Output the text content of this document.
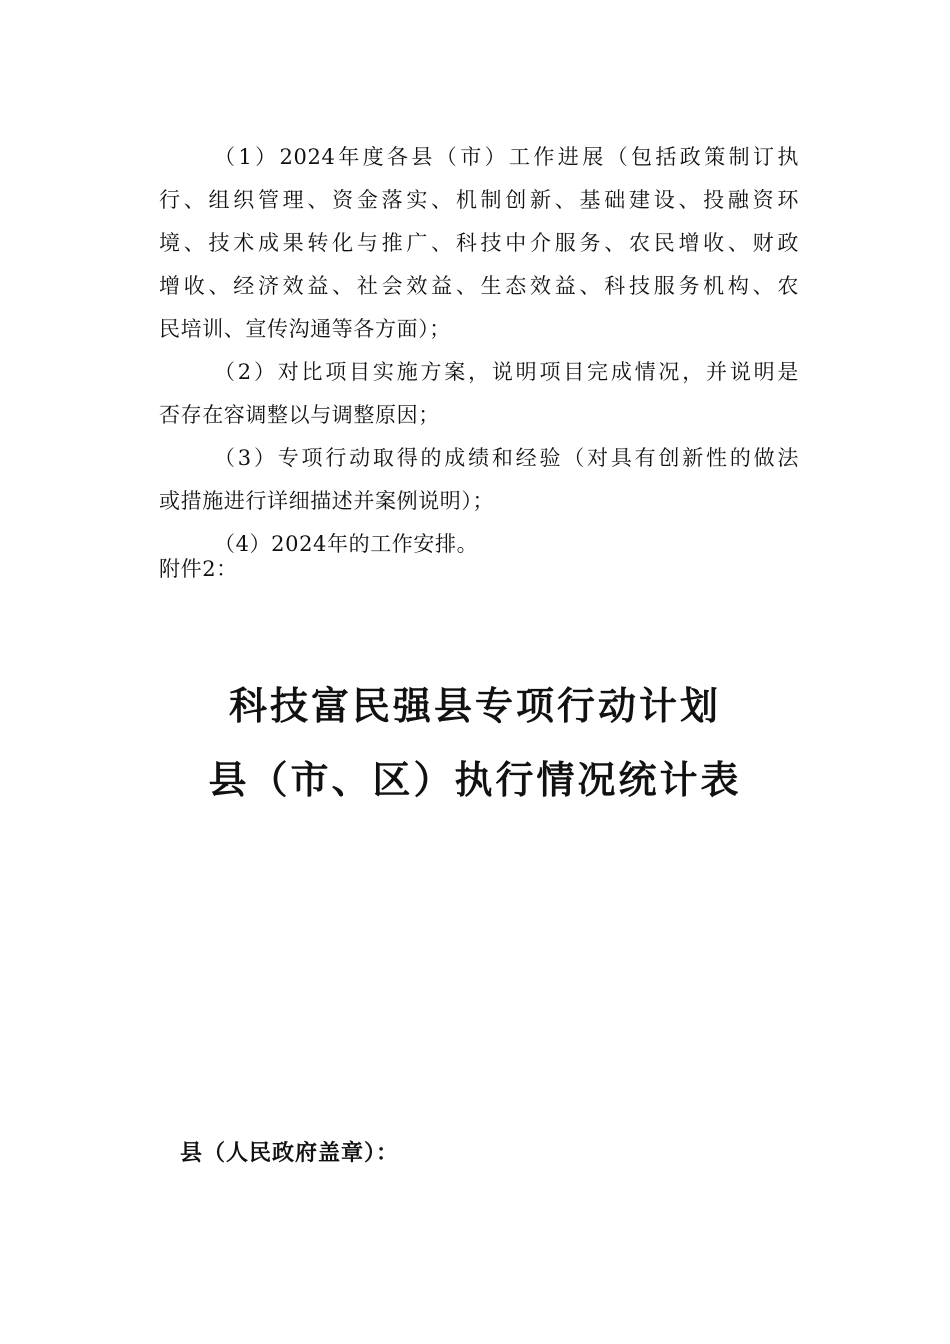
（1）2024年度各县（市）工作进展（包括政策制订执
行、组织管理、资金落实、机制创新、基础建设、投融资环
境、技术成果转化与推广、科技中介服务、农民增收、财政
增收、经济效益、社会效益、生态效益、科技服务机构、农
民培训、宣传沟通等各方面）；
（2）对比项目实施方案，说明项目完成情况，并说明是
否存在容调整以与调整原因；
（3）专项行动取得的成绩和经验（对具有创新性的做法
或措施进行详细描述并案例说明）；
（4）2024年的工作安排。
附件2：
科技富民强县专项行动计划
县（市、区）执行情况统计表
县（人民政府盖章）：
